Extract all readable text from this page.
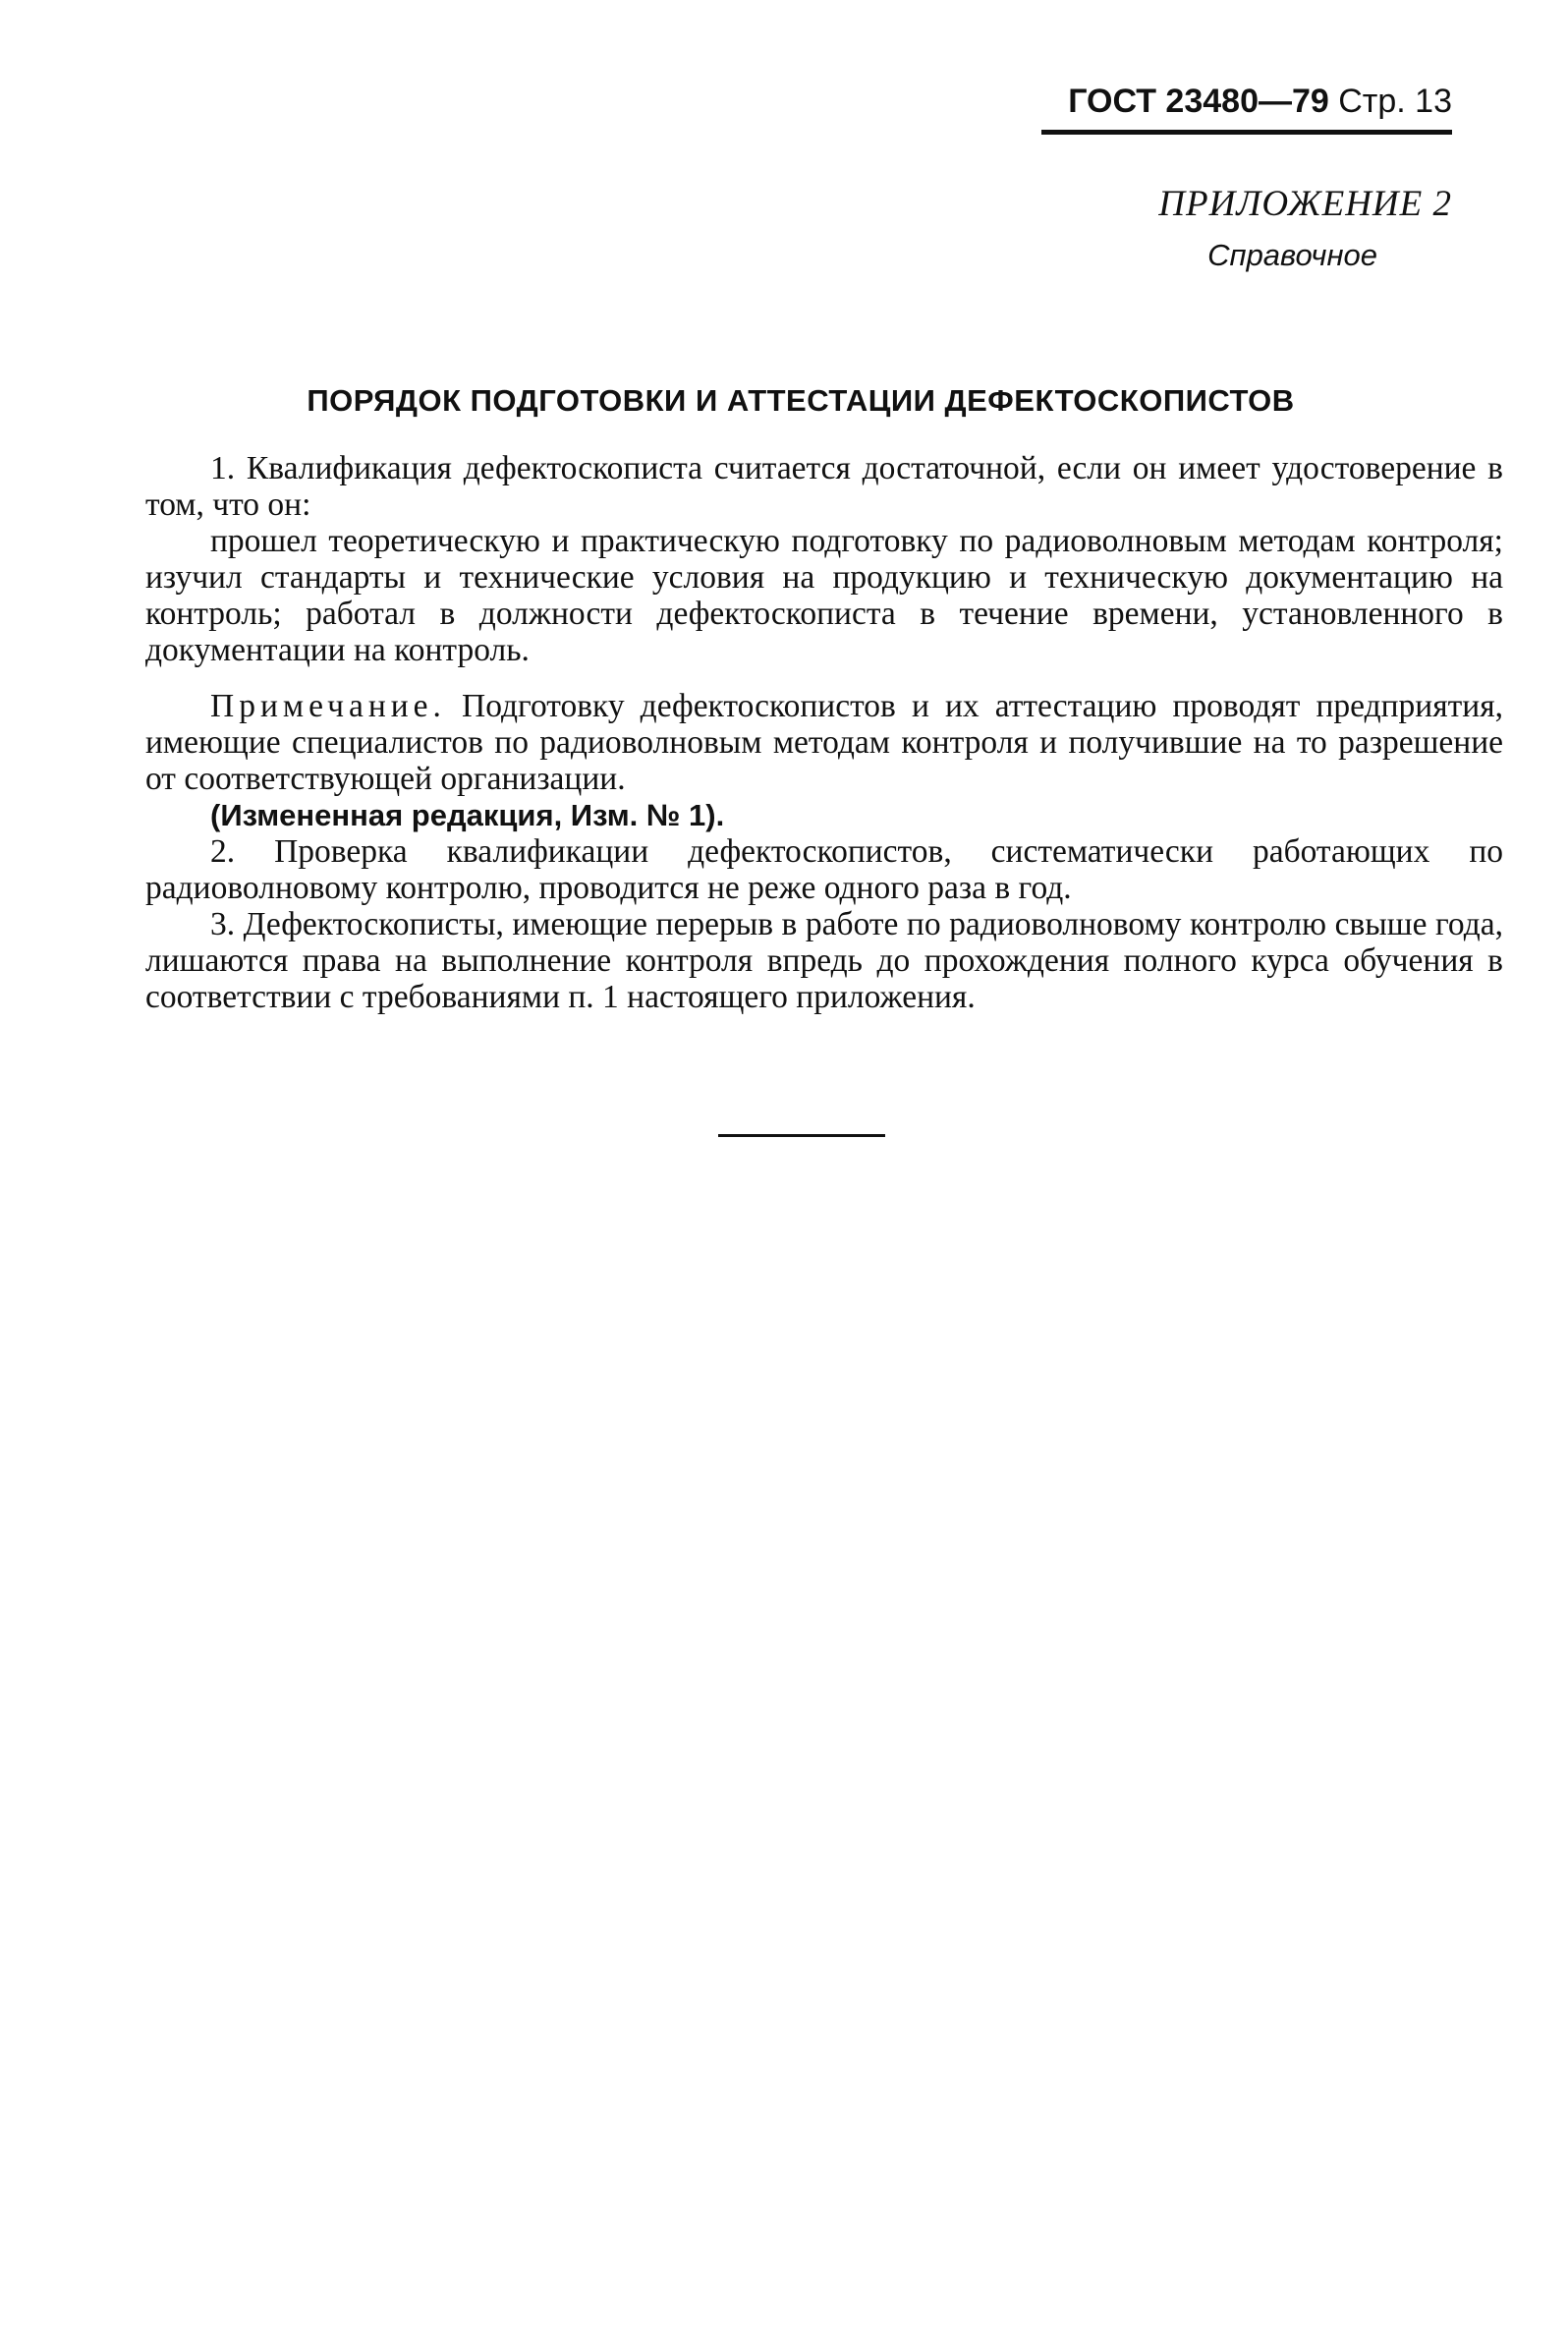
ГОСТ 23480—79 Стр. 13
ПРИЛОЖЕНИЕ 2
Справочное
ПОРЯДОК ПОДГОТОВКИ И АТТЕСТАЦИИ ДЕФЕКТОСКОПИСТОВ

1. Квалификация дефектоскописта считается достаточной, если он имеет удостоверение в том, что он:

прошел теоретическую и практическую подготовку по радиоволновым методам контроля; изучил стандарты и технические условия на продукцию и техническую документацию на контроль; работал в должности дефектоскописта в течение времени, установленного в документации на контроль.

Примечание. Подготовку дефектоскопистов и их аттестацию проводят предприятия, имеющие специалистов по радиоволновым методам контроля и получившие на то разрешение от соответствующей организации.

(Измененная редакция, Изм. № 1).

2. Проверка квалификации дефектоскопистов, систематически работающих по радиоволновому контролю, проводится не реже одного раза в год.

3. Дефектоскописты, имеющие перерыв в работе по радиоволновому контролю свыше года, лишаются права на выполнение контроля впредь до прохождения полного курса обучения в соответствии с требованиями п. 1 настоящего приложения.
